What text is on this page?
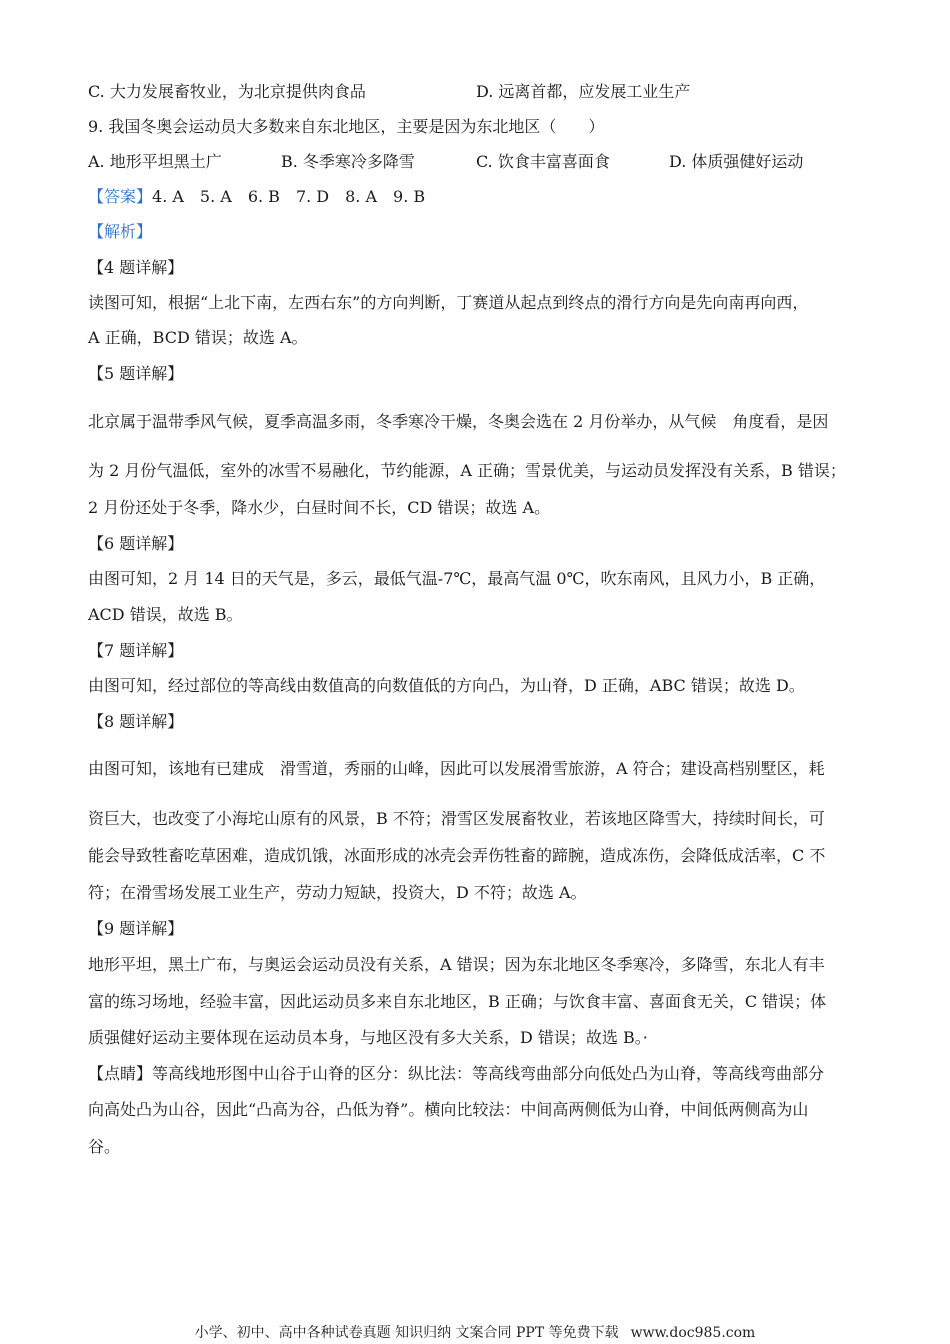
C. 大力发展畜牧业，为北京提供肉食品	D. 远离首都，应发展工业生产
9. 我国冬奥会运动员大多数来自东北地区，主要是因为东北地区（　　）
A. 地形平坦黑土广	B. 冬季寒冷多降雪	C. 饮食丰富喜面食	D. 体质强健好运动
【答案】4. A　5. A　6. B　7. D　8. A　9. B
【解析】
【4 题详解】
读图可知，根据“上北下南，左西右东”的方向判断，丁赛道从起点到终点的滑行方向是先向南再向西，
A 正确，BCD 错误；故选 A。
【5 题详解】
北京属于温带季风气候，夏季高温多雨，冬季寒冷干燥，冬奥会选在 2 月份举办，从气候　角度看，是因
为 2 月份气温低，室外的冰雪不易融化，节约能源，A 正确；雪景优美，与运动员发挥没有关系，B 错误；
2 月份还处于冬季，降水少，白昼时间不长，CD 错误；故选 A。
【6 题详解】
由图可知，2 月 14 日的天气是，多云，最低气温-7℃，最高气温 0℃，吹东南风，且风力小，B 正确，
ACD 错误，故选 B。
【7 题详解】
由图可知，经过部位的等高线由数值高的向数值低的方向凸，为山脊，D 正确，ABC 错误；故选 D。
【8 题详解】
由图可知，该地有已建成　滑雪道，秀丽的山峰，因此可以发展滑雪旅游，A 符合；建设高档别墅区，耗
资巨大，也改变了小海坨山原有的风景，B 不符；滑雪区发展畜牧业，若该地区降雪大，持续时间长，可
能会导致牲畜吃草困难，造成饥饿，冰面形成的冰壳会弄伤牲畜的蹄腕，造成冻伤，会降低成活率，C 不
符；在滑雪场发展工业生产，劳动力短缺，投资大，D 不符；故选 A。
【9 题详解】
地形平坦，黑土广布，与奥运会运动员没有关系，A 错误；因为东北地区冬季寒冷，多降雪，东北人有丰
富的练习场地，经验丰富，因此运动员多来自东北地区，B 正确；与饮食丰富、喜面食无关，C 错误；体
质强健好运动主要体现在运动员本身，与地区没有多大关系，D 错误；故选 B。·
【点睛】等高线地形图中山谷于山脊的区分：纵比法：等高线弯曲部分向低处凸为山脊，等高线弯曲部分
向高处凸为山谷，因此“凸高为谷，凸低为脊”。横向比较法：中间高两侧低为山脊，中间低两侧高为山
谷。
小学、初中、高中各种试卷真题 知识归纳 文案合同 PPT 等免费下载 www.doc985.com
